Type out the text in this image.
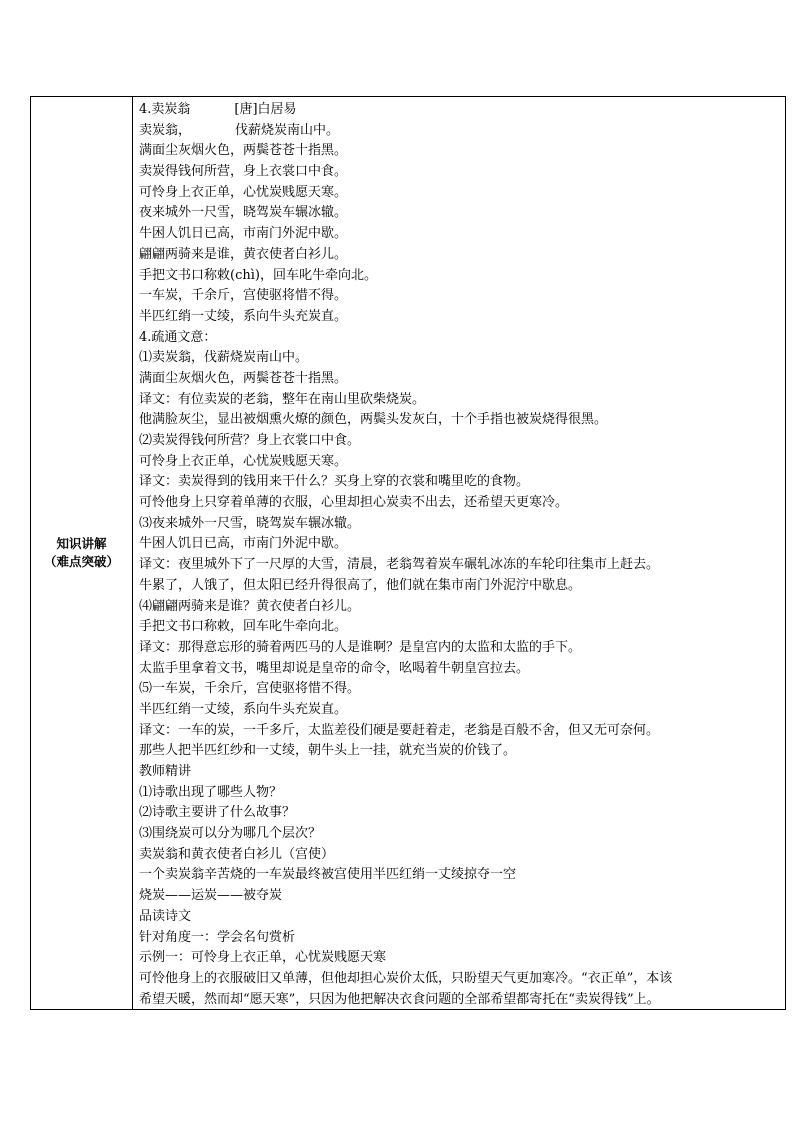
知识讲解
（难点突破）
4.卖炭翁	[唐]白居易
卖炭翁，	伐薪烧炭南山中。
满面尘灰烟火色，两鬓苍苍十指黑。
卖炭得钱何所营，身上衣裳口中食。
可怜身上衣正单，心忧炭贱愿天寒。
夜来城外一尺雪，晓驾炭车辗冰辙。
牛困人饥日已高，市南门外泥中歇。
翩翩两骑来是谁，黄衣使者白衫儿。
手把文书口称敕(chì)，回车叱牛牵向北。
一车炭，千余斤，宫使驱将惜不得。
半匹红绡一丈绫，系向牛头充炭直。
4.疏通文意：
⑴卖炭翁，伐薪烧炭南山中。
满面尘灰烟火色，两鬓苍苍十指黑。
译文：有位卖炭的老翁，整年在南山里砍柴烧炭。
他满脸灰尘，显出被烟熏火燎的颜色，两鬓头发灰白，十个手指也被炭烧得很黑。
⑵卖炭得钱何所营？身上衣裳口中食。
可怜身上衣正单，心忧炭贱愿天寒。
译文：卖炭得到的钱用来干什么？买身上穿的衣裳和嘴里吃的食物。
可怜他身上只穿着单薄的衣服，心里却担心炭卖不出去，还希望天更寒冷。
⑶夜来城外一尺雪，晓驾炭车辗冰辙。
牛困人饥日已高，市南门外泥中歇。
译文：夜里城外下了一尺厚的大雪，清晨，老翁驾着炭车碾轧冰冻的车轮印往集市上赶去。
牛累了，人饿了，但太阳已经升得很高了，他们就在集市南门外泥泞中歇息。
⑷翩翩两骑来是谁？黄衣使者白衫儿。
手把文书口称敕，回车叱牛牵向北。
译文：那得意忘形的骑着两匹马的人是谁啊？是皇宫内的太监和太监的手下。
太监手里拿着文书，嘴里却说是皇帝的命令，吆喝着牛朝皇宫拉去。
⑸一车炭，千余斤，宫使驱将惜不得。
半匹红绡一丈绫，系向牛头充炭直。
译文：一车的炭，一千多斤，太监差役们硬是要赶着走，老翁是百般不舍，但又无可奈何。
那些人把半匹红纱和一丈绫，朝牛头上一挂，就充当炭的价钱了。
教师精讲
⑴诗歌出现了哪些人物？
⑵诗歌主要讲了什么故事？
⑶围绕炭可以分为哪几个层次？
卖炭翁和黄衣使者白衫儿（宫使）
一个卖炭翁辛苦烧的一车炭最终被宫使用半匹红绡一丈绫掠夺一空
烧炭——运炭——被夺炭
品读诗文
针对角度一：学会名句赏析
示例一：可怜身上衣正单，心忧炭贱愿天寒
可怜他身上的衣服破旧又单薄，但他却担心炭价太低，只盼望天气更加寒冷。“衣正单”，本该
希望天暖，然而却“愿天寒”，只因为他把解决衣食问题的全部希望都寄托在“卖炭得钱”上。
